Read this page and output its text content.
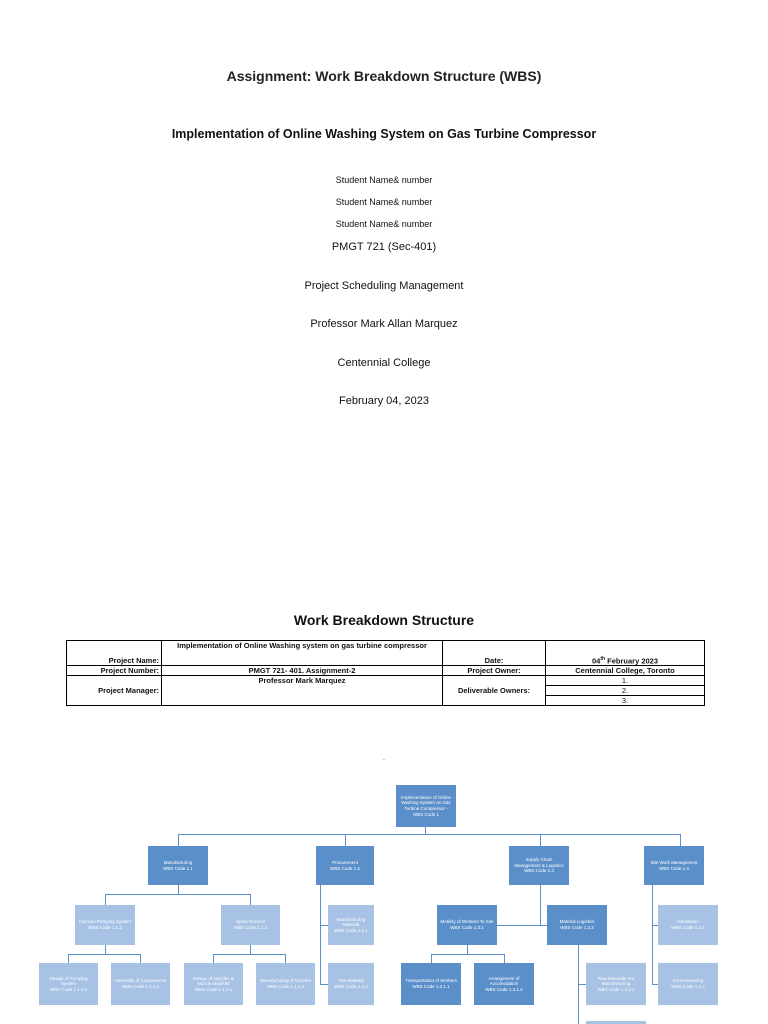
Assignment: Work Breakdown Structure (WBS)
Implementation of Online Washing System on Gas Turbine Compressor
Student Name& number
Student Name& number
Student Name& number
PMGT 721 (Sec-401)
Project Scheduling Management
Professor Mark Allan Marquez
Centennial College
February 04, 2023
Work Breakdown Structure
Project Name:	Implementation of Online Washing system on gas turbine compressor	Date:	04th February 2023
Project Number:	PMGT 721- 401. Assignment-2	Project Owner:	Centennial College, Toronto
Project Manager:	Professor Mark Marquez	Deliverable Owners:	1.
			2.
			3.
.
Implementation of Online Washing System on Gas Turbine Compressor - WBS Code 1
Manufacturing
WBS Code 1.1
Procurement
WBS Code 1.2
Supply Chain Management & Logistics
WBS Code 1.3
Site Work Management
WBS Code 1.4
Injection Pumping System
WBS Code 1.1.1
Spray Nozzles
WBS Code 1.1.2
Manufacturing Material
WBS Code 1.2.1
Mobility of Workers To Site
WBS Code 1.3.1
Material Logistics
WBS Code 1.3.2
Installation
WBS Code 1.4.1
Design of Pumping System
WBS Code 1.1.1.1
Assembly of Components
WBS Code 1.1.1.2
Design of Nozzles & Nozzle Manifold
WBS Code 1.1.2.1
Manufacturing of Nozzles
WBS Code 1.1.2.2
Site Material
WBS Code 1.2.2
Transportation of Workers
WBS Code 1.3.1.1
Arrangement of Accomodation
WBS Code 1.3.1.2
Raw Materials For Manufacturing
WBS Code 1.3.2.1
Commissioning
WBS Code 1.4.2
